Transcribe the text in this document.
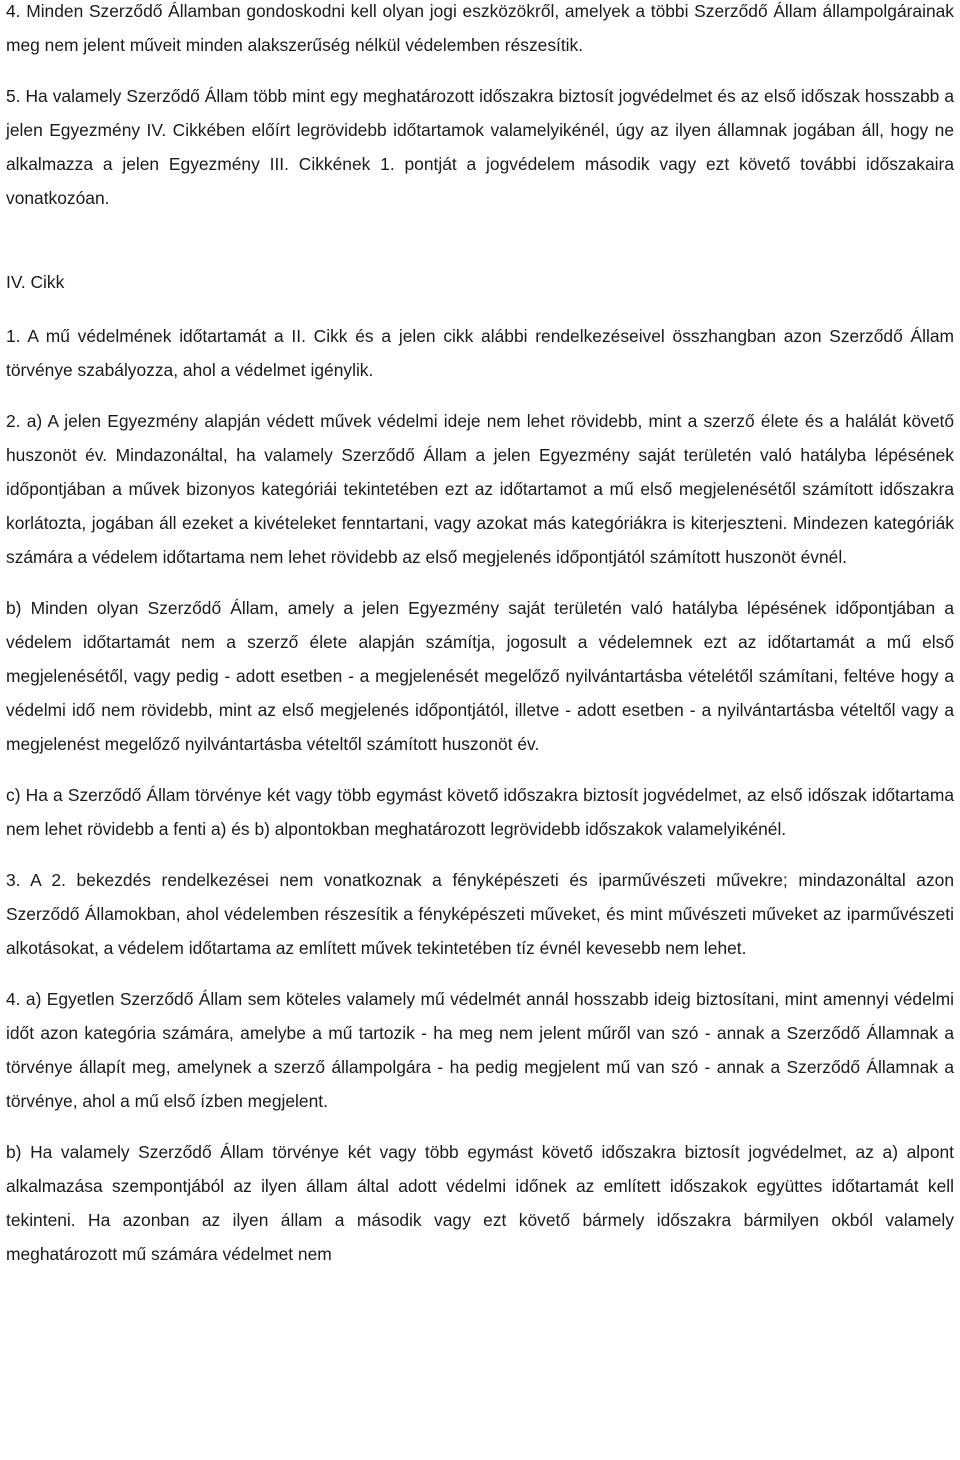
4. Minden Szerződő Államban gondoskodni kell olyan jogi eszközökről, amelyek a többi Szerződő Állam állampolgárainak meg nem jelent műveit minden alakszerűség nélkül védelemben részesítik.

5. Ha valamely Szerződő Állam több mint egy meghatározott időszakra biztosít jogvédelmet és az első időszak hosszabb a jelen Egyezmény IV. Cikkében előírt legrövidebb időtartamok valamelyikénél, úgy az ilyen államnak jogában áll, hogy ne alkalmazza a jelen Egyezmény III. Cikkének 1. pontját a jogvédelem második vagy ezt követő további időszakaira vonatkozóan.

IV. Cikk

1. A mű védelmének időtartamát a II. Cikk és a jelen cikk alábbi rendelkezéseivel összhangban azon Szerződő Állam törvénye szabályozza, ahol a védelmet igénylik.

2. a) A jelen Egyezmény alapján védett művek védelmi ideje nem lehet rövidebb, mint a szerző élete és a halálát követő huszonöt év. Mindazonáltal, ha valamely Szerződő Állam a jelen Egyezmény saját területén való hatályba lépésének időpontjában a művek bizonyos kategóriái tekintetében ezt az időtartamot a mű első megjelenésétől számított időszakra korlátozta, jogában áll ezeket a kivételeket fenntartani, vagy azokat más kategóriákra is kiterjeszteni. Mindezen kategóriák számára a védelem időtartama nem lehet rövidebb az első megjelenés időpontjától számított huszonöt évnél.

b) Minden olyan Szerződő Állam, amely a jelen Egyezmény saját területén való hatályba lépésének időpontjában a védelem időtartamát nem a szerző élete alapján számítja, jogosult a védelemnek ezt az időtartamát a mű első megjelenésétől, vagy pedig - adott esetben - a megjelenését megelőző nyilvántartásba vételétől számítani, feltéve hogy a védelmi idő nem rövidebb, mint az első megjelenés időpontjától, illetve - adott esetben - a nyilvántartásba vételtől vagy a megjelenést megelőző nyilvántartásba vételtől számított huszonöt év.

c) Ha a Szerződő Állam törvénye két vagy több egymást követő időszakra biztosít jogvédelmet, az első időszak időtartama nem lehet rövidebb a fenti a) és b) alpontokban meghatározott legrövidebb időszakok valamelyikénél.

3. A 2. bekezdés rendelkezései nem vonatkoznak a fényképészeti és iparművészeti művekre; mindazonáltal azon Szerződő Államokban, ahol védelemben részesítik a fényképészeti műveket, és mint művészeti műveket az iparművészeti alkotásokat, a védelem időtartama az említett művek tekintetében tíz évnél kevesebb nem lehet.

4. a) Egyetlen Szerződő Állam sem köteles valamely mű védelmét annál hosszabb ideig biztosítani, mint amennyi védelmi időt azon kategória számára, amelybe a mű tartozik - ha meg nem jelent műről van szó - annak a Szerződő Államnak a törvénye állapít meg, amelynek a szerző állampolgára - ha pedig megjelent mű van szó - annak a Szerződő Államnak a törvénye, ahol a mű első ízben megjelent.

b) Ha valamely Szerződő Állam törvénye két vagy több egymást követő időszakra biztosít jogvédelmet, az a) alpont alkalmazása szempontjából az ilyen állam által adott védelmi időnek az említett időszakok együttes időtartamát kell tekinteni. Ha azonban az ilyen állam a második vagy ezt követő bármely időszakra bármilyen okból valamely meghatározott mű számára védelmet nem
